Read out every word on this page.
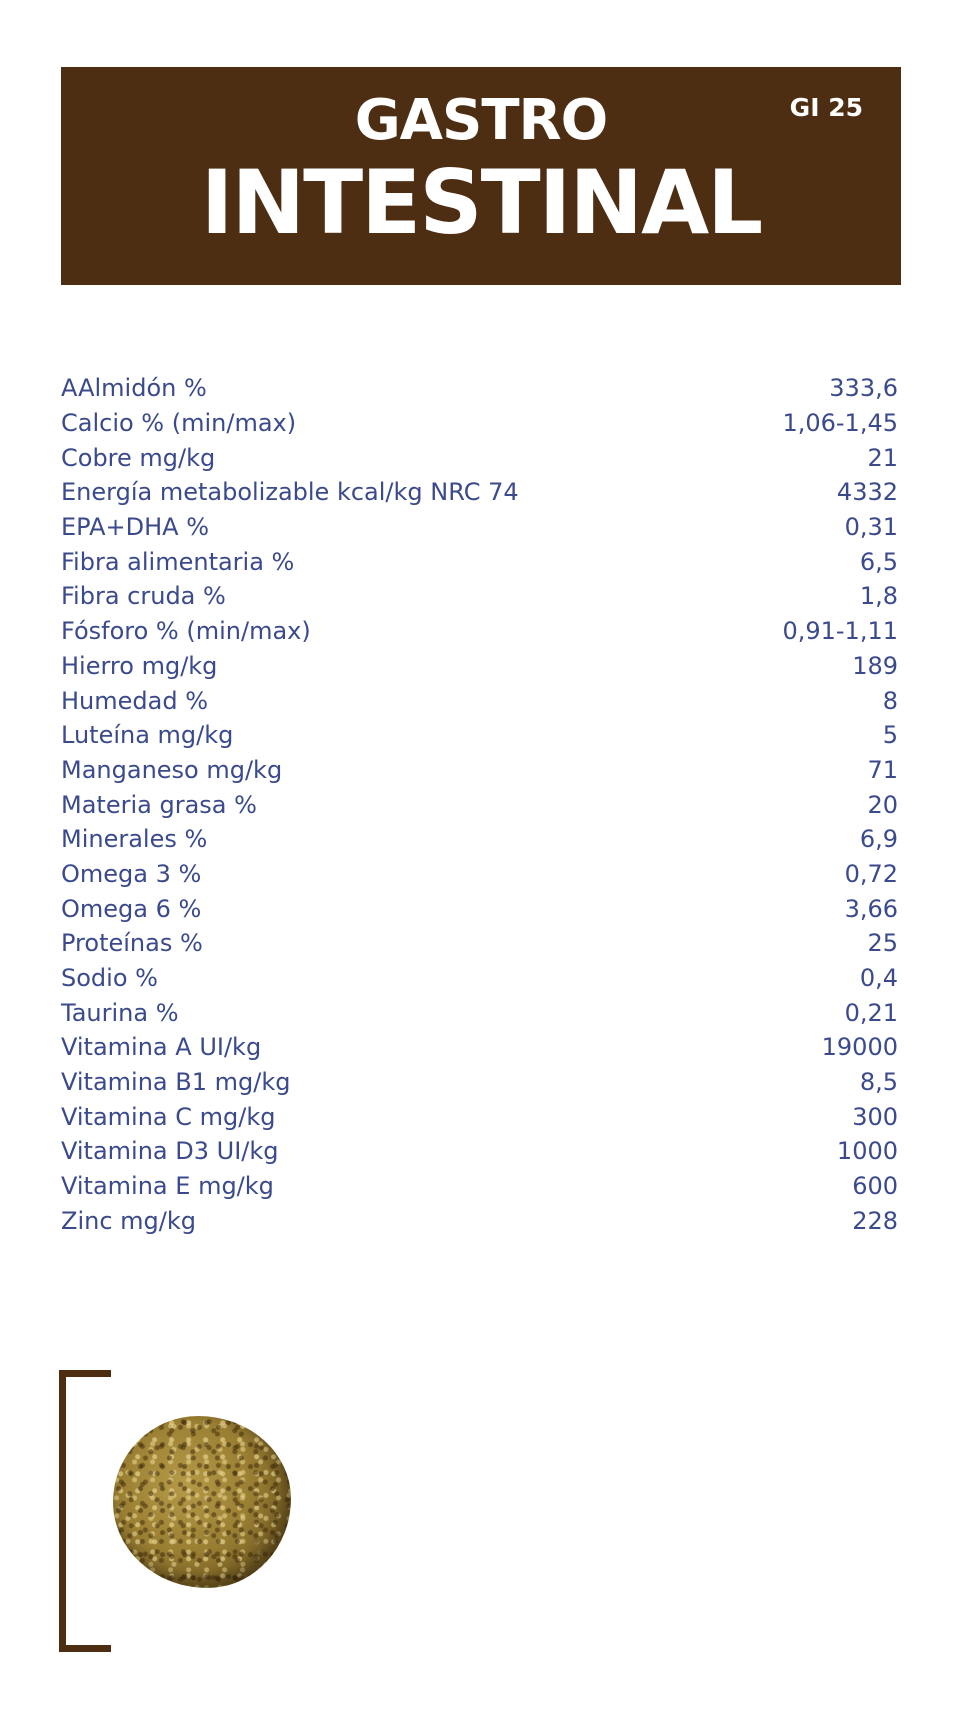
GASTRO
INTESTINAL
GI 25
AAlmidón %	333,6
Calcio % (min/max)	1,06-1,45
Cobre mg/kg	21
Energía metabolizable kcal/kg NRC 74	4332
EPA+DHA %	0,31
Fibra alimentaria %	6,5
Fibra cruda %	1,8
Fósforo % (min/max)	0,91-1,11
Hierro mg/kg	189
Humedad %	8
Luteína mg/kg	5
Manganeso mg/kg	71
Materia grasa %	20
Minerales %	6,9
Omega 3 %	0,72
Omega 6 %	3,66
Proteínas %	25
Sodio %	0,4
Taurina %	0,21
Vitamina A UI/kg	19000
Vitamina B1 mg/kg	8,5
Vitamina C mg/kg	300
Vitamina D3 UI/kg	1000
Vitamina E mg/kg	600
Zinc mg/kg	228
